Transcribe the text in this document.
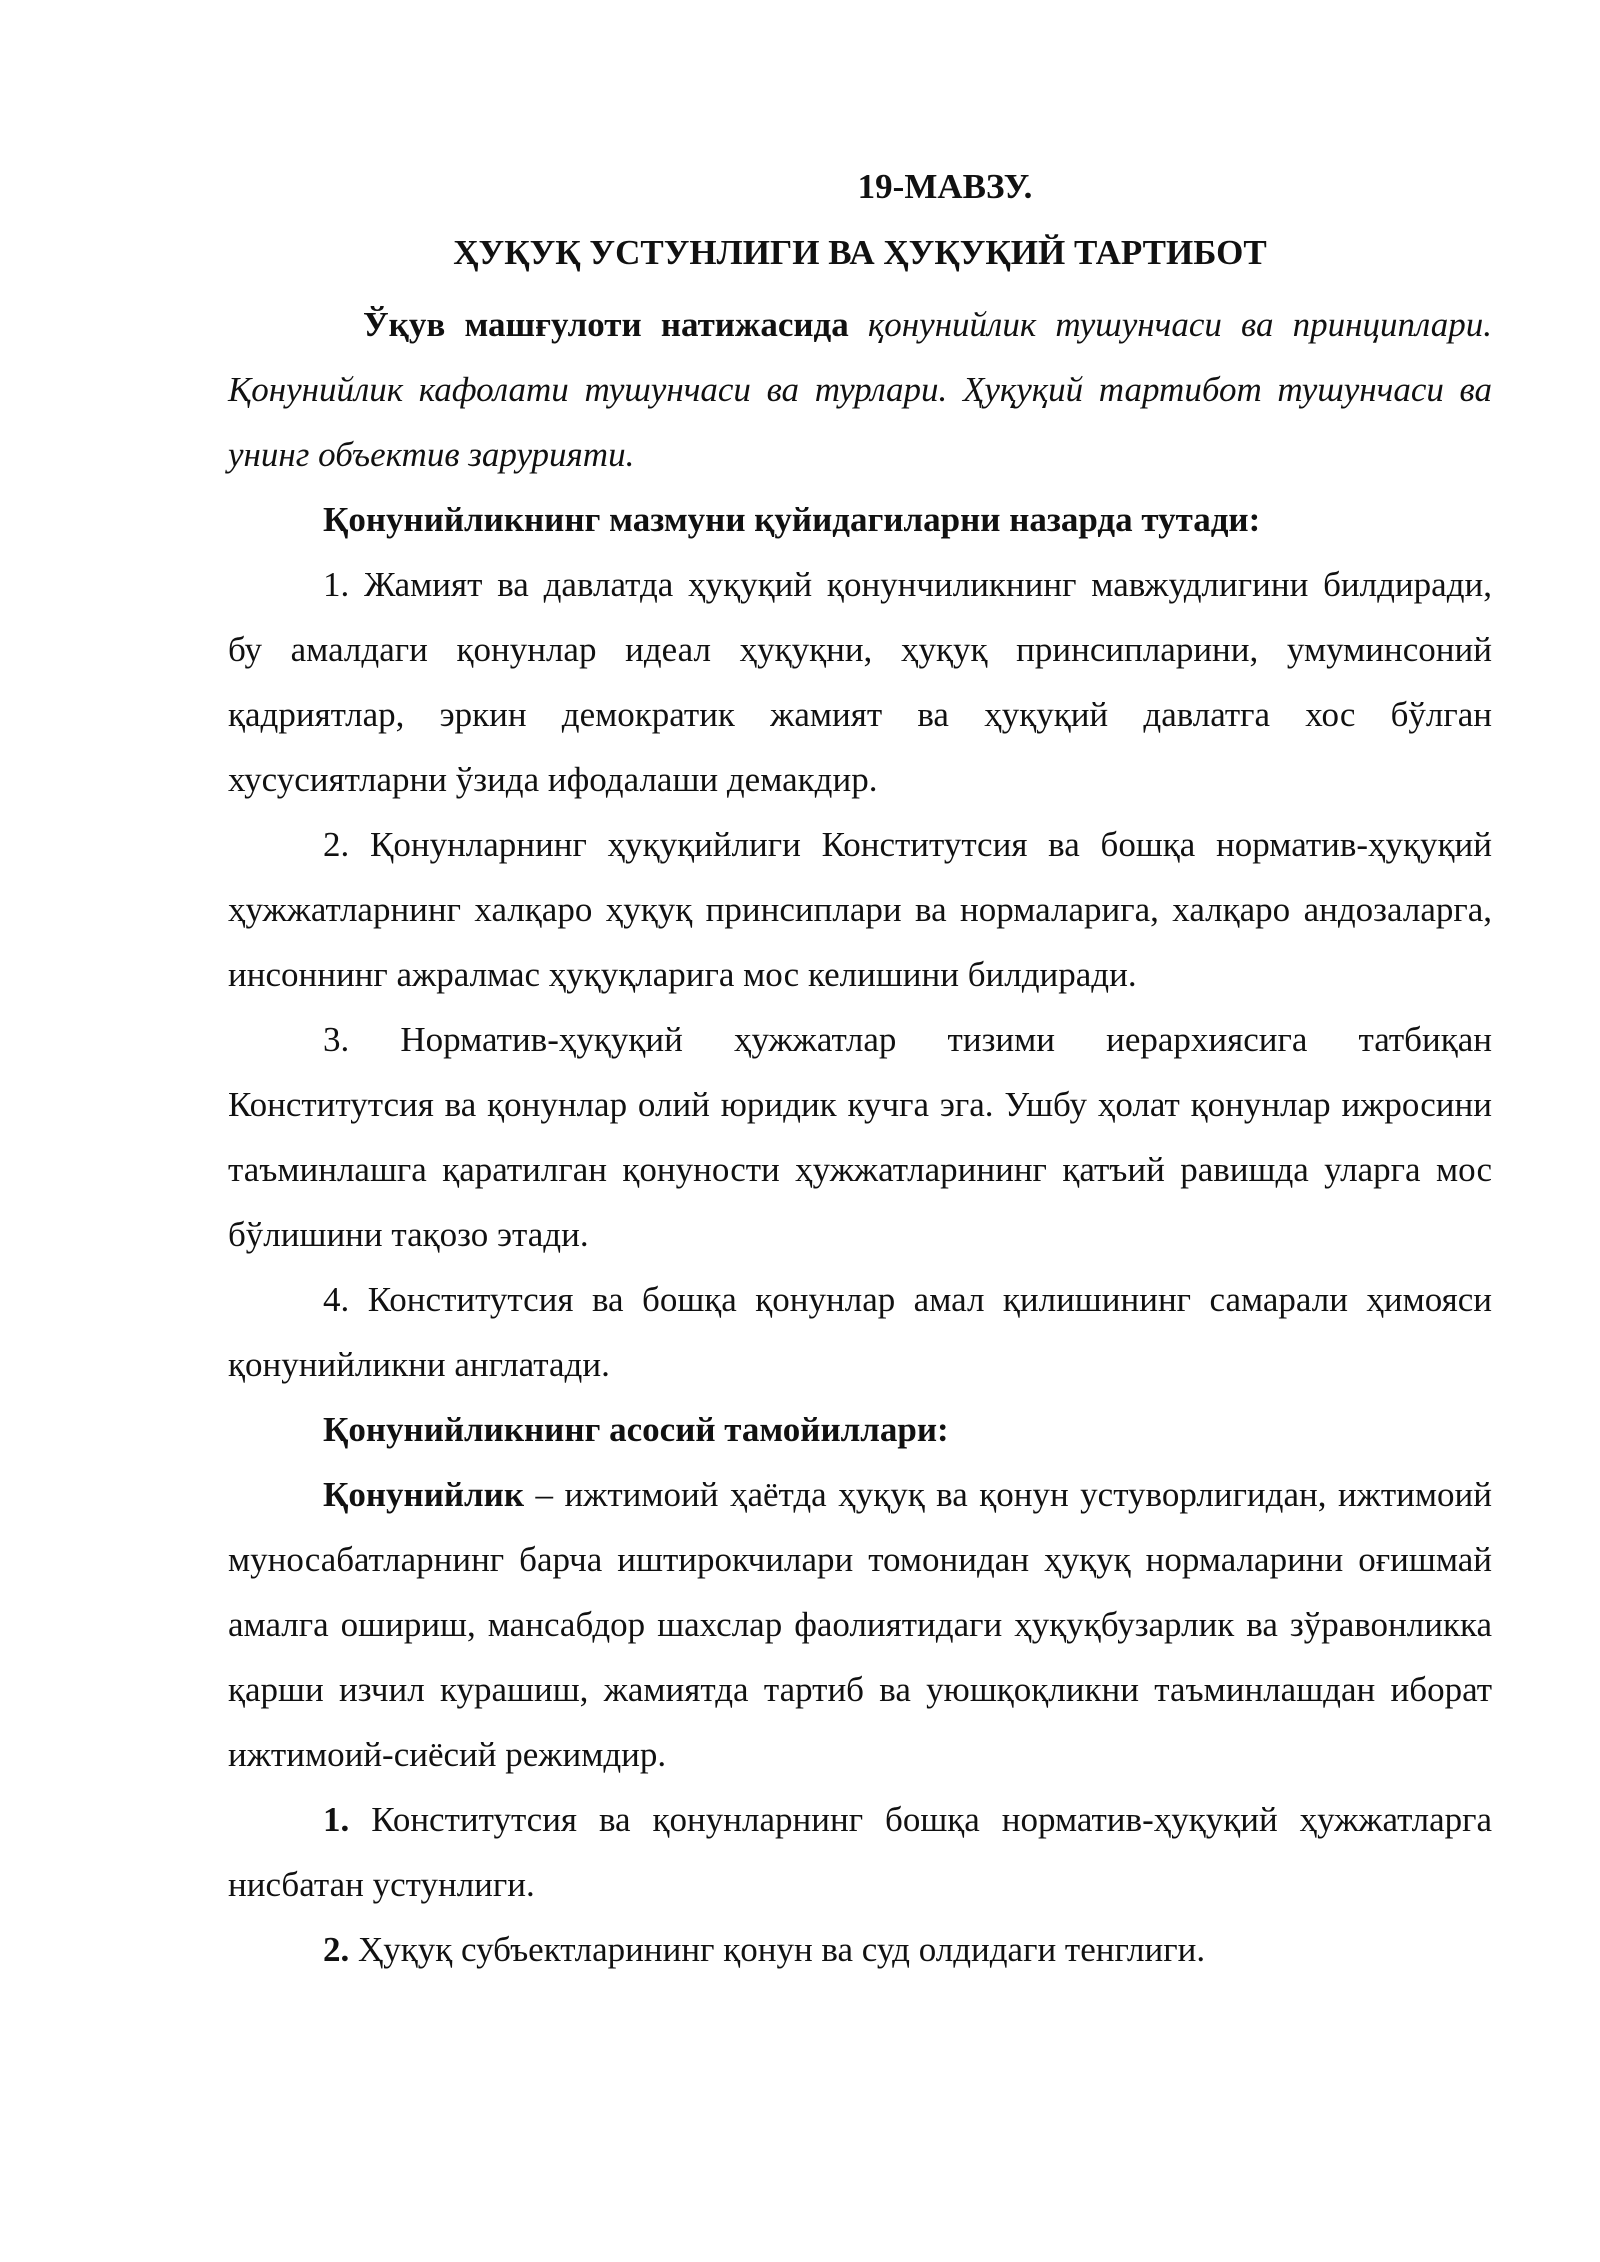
19-МАВЗУ.
ҲУҚУҚ УСТУНЛИГИ ВА ҲУҚУҚИЙ ТАРТИБОТ

Ўқув машғулоти натижасида қонунийлик тушунчаси ва принциплари. Қонунийлик кафолати тушунчаси ва турлари. Ҳуқуқий тартибот тушунчаси ва унинг объектив зарурияти.

Қонунийликнинг мазмуни қуйидагиларни назарда тутади:

1. Жамият ва давлатда ҳуқуқий қонунчиликнинг мавжудлигини билдиради, бу амалдаги қонунлар идеал ҳуқуқни, ҳуқуқ принсипларини, умуминсоний қадриятлар, эркин демократик жамият ва ҳуқуқий давлатга хос бўлган хусусиятларни ўзида ифодалаши демакдир.

2. Қонунларнинг ҳуқуқийлиги Конститутсия ва бошқа норматив-ҳуқуқий ҳужжатларнинг халқаро ҳуқуқ принсиплари ва нормаларига, халқаро андозаларга, инсоннинг ажралмас ҳуқуқларига мос келишини билдиради.

3. Норматив-ҳуқуқий ҳужжатлар тизими иерархиясига татбиқан Конститутсия ва қонунлар олий юридик кучга эга. Ушбу ҳолат қонунлар ижросини таъминлашга қаратилган қонуности ҳужжатларининг қатъий равишда уларга мос бўлишини тақозо этади.

4. Конститутсия ва бошқа қонунлар амал қилишининг самарали ҳимояси қонунийликни англатади.

Қонунийликнинг асосий тамойиллари:

Қонунийлик – ижтимоий ҳаётда ҳуқуқ ва қонун устуворлигидан, ижтимоий муносабатларнинг барча иштирокчилари томонидан ҳуқуқ нормаларини оғишмай амалга ошириш, мансабдор шахслар фаолиятидаги ҳуқуқбузарлик ва зўравонликка қарши изчил курашиш, жамиятда тартиб ва уюшқоқликни таъминлашдан иборат ижтимоий-сиёсий режимдир.

1. Конститутсия ва қонунларнинг бошқа норматив-ҳуқуқий ҳужжатларга нисбатан устунлиги.

2. Ҳуқуқ субъектларининг қонун ва суд олдидаги тенглиги.
